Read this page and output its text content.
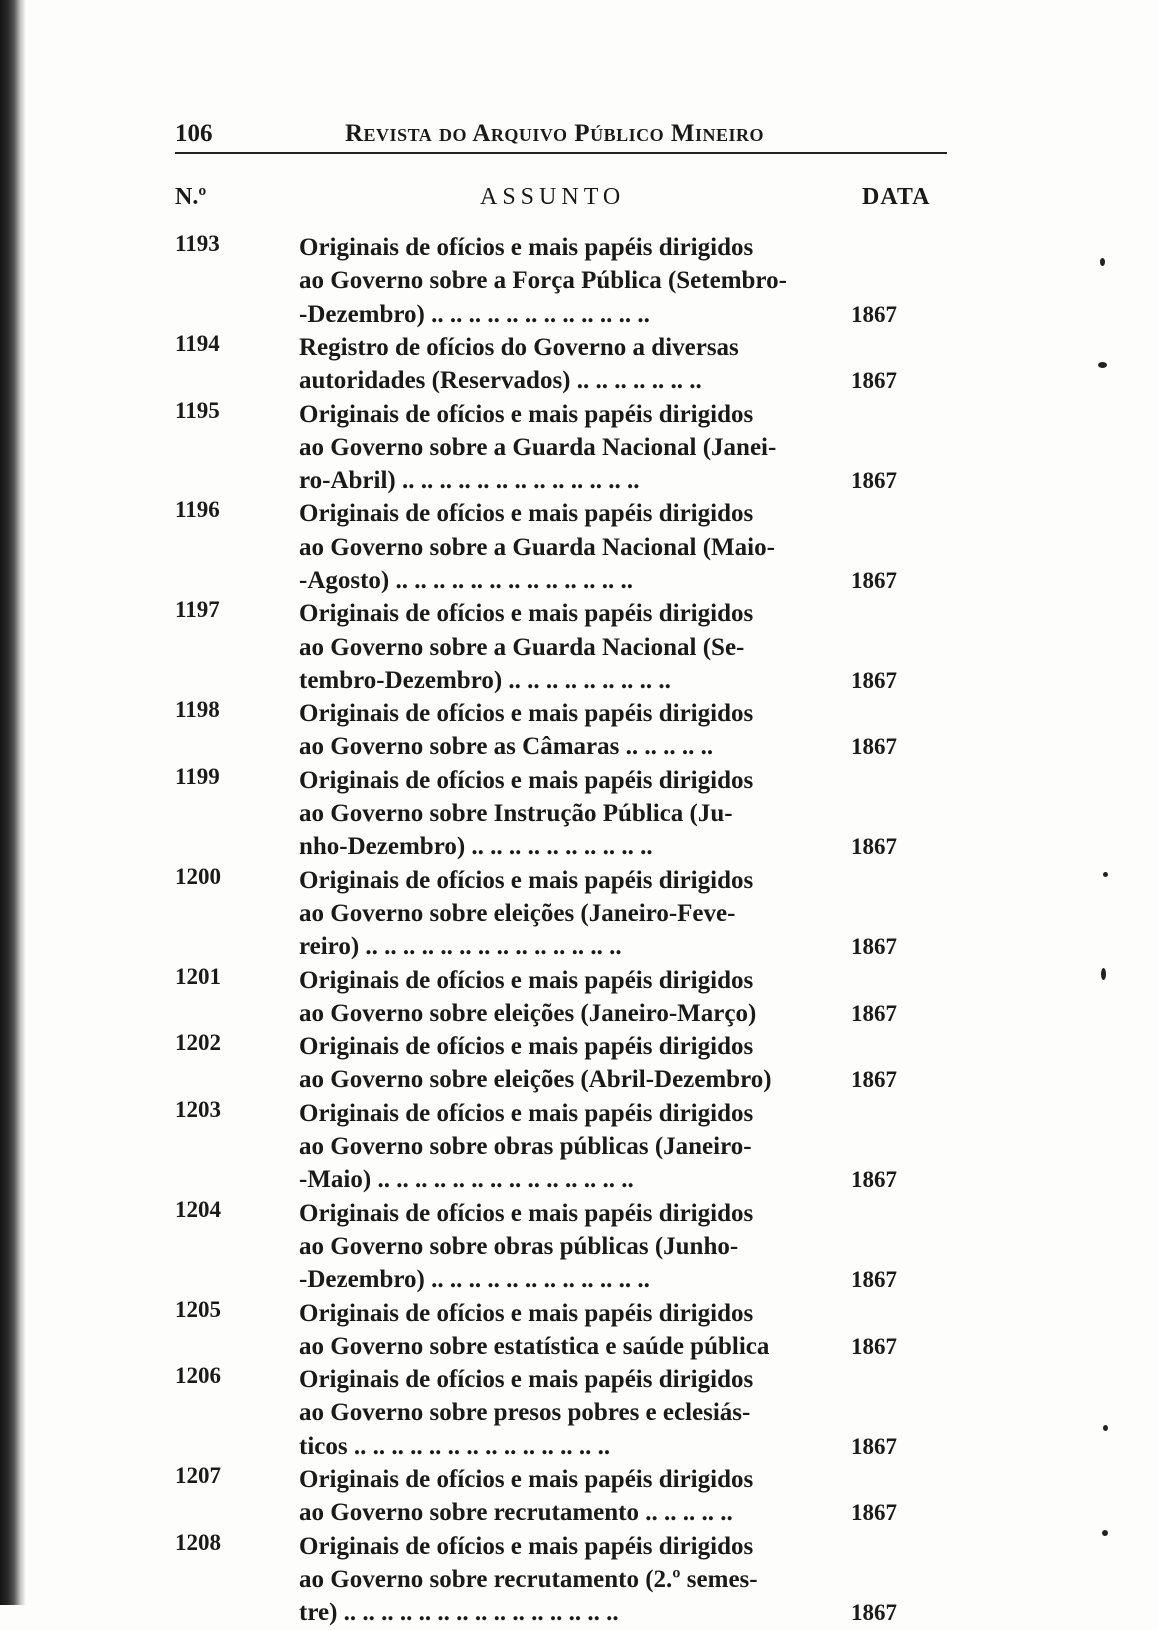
106	Revista do Arquivo Público Mineiro
N.º	ASSUNTO	DATA
1193	Originais de ofícios e mais papéis dirigidos
ao Governo sobre a Força Pública (Setembro-
-Dezembro) .. .. .. .. .. .. .. .. .. .. .. ..	1867
1194	Registro de ofícios do Governo a diversas
autoridades (Reservados) .. .. .. .. .. .. ..	1867
1195	Originais de ofícios e mais papéis dirigidos
ao Governo sobre a Guarda Nacional (Janei-
ro-Abril) .. .. .. .. .. .. .. .. .. .. .. .. ..	1867
1196	Originais de ofícios e mais papéis dirigidos
ao Governo sobre a Guarda Nacional (Maio-
-Agosto) .. .. .. .. .. .. .. .. .. .. .. .. ..	1867
1197	Originais de ofícios e mais papéis dirigidos
ao Governo sobre a Guarda Nacional (Se-
tembro-Dezembro) .. .. .. .. .. .. .. .. ..	1867
1198	Originais de ofícios e mais papéis dirigidos
ao Governo sobre as Câmaras .. .. .. .. ..	1867
1199	Originais de ofícios e mais papéis dirigidos
ao Governo sobre Instrução Pública (Ju-
nho-Dezembro) .. .. .. .. .. .. .. .. .. ..	1867
1200	Originais de ofícios e mais papéis dirigidos
ao Governo sobre eleições (Janeiro-Feve-
reiro) .. .. .. .. .. .. .. .. .. .. .. .. .. ..	1867
1201	Originais de ofícios e mais papéis dirigidos
ao Governo sobre eleições (Janeiro-Março)	1867
1202	Originais de ofícios e mais papéis dirigidos
ao Governo sobre eleições (Abril-Dezembro)	1867
1203	Originais de ofícios e mais papéis dirigidos
ao Governo sobre obras públicas (Janeiro-
-Maio) .. .. .. .. .. .. .. .. .. .. .. .. .. ..	1867
1204	Originais de ofícios e mais papéis dirigidos
ao Governo sobre obras públicas (Junho-
-Dezembro) .. .. .. .. .. .. .. .. .. .. .. ..	1867
1205	Originais de ofícios e mais papéis dirigidos
ao Governo sobre estatística e saúde pública	1867
1206	Originais de ofícios e mais papéis dirigidos
ao Governo sobre presos pobres e eclesiás-
ticos .. .. .. .. .. .. .. .. .. .. .. .. .. ..	1867
1207	Originais de ofícios e mais papéis dirigidos
ao Governo sobre recrutamento .. .. .. .. ..	1867
1208	Originais de ofícios e mais papéis dirigidos
ao Governo sobre recrutamento (2.º semes-
tre) .. .. .. .. .. .. .. .. .. .. .. .. .. .. ..	1867
